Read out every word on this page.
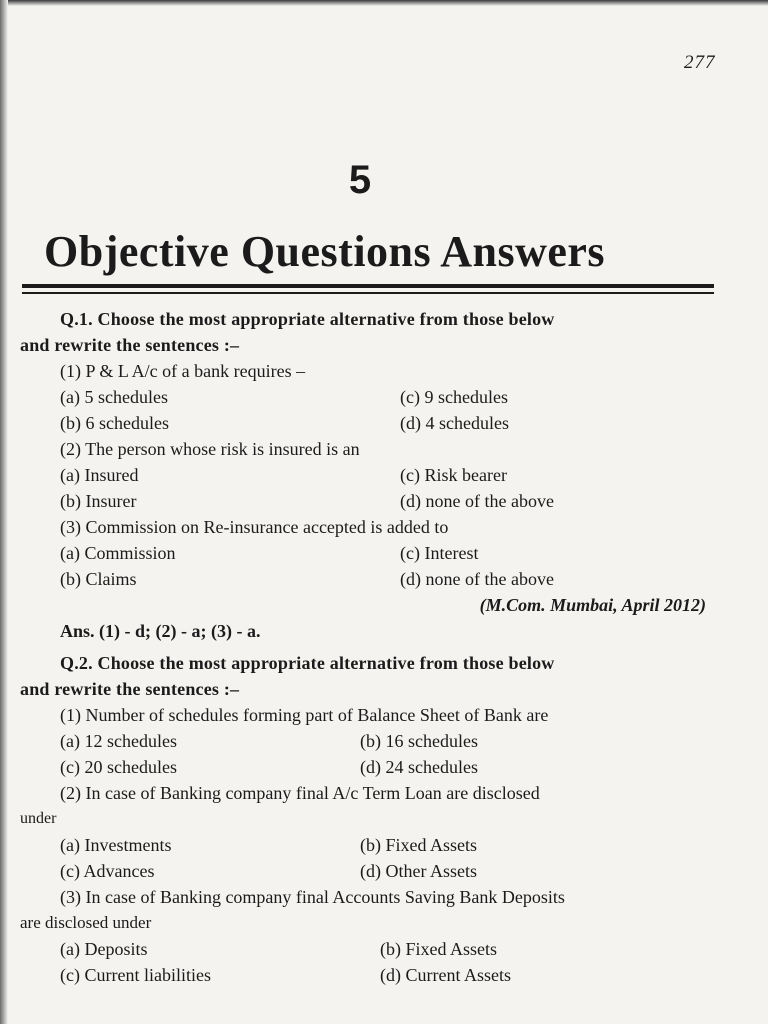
277
5
Objective Questions Answers
Q.1. Choose the most appropriate alternative from those below
and rewrite the sentences :–
(1) P & L A/c of a bank requires –
(a) 5 schedules	(c) 9 schedules
(b) 6 schedules	(d) 4 schedules
(2) The person whose risk is insured is an
(a) Insured	(c) Risk bearer
(b) Insurer	(d) none of the above
(3) Commission on Re-insurance accepted is added to
(a) Commission	(c) Interest
(b) Claims	(d) none of the above
(M.Com. Mumbai, April 2012)
Ans. (1) - d; (2) - a; (3) - a.
Q.2. Choose the most appropriate alternative from those below
and rewrite the sentences :–
(1) Number of schedules forming part of Balance Sheet of Bank are
(a) 12 schedules	(b) 16 schedules
(c) 20 schedules	(d) 24 schedules
(2) In case of Banking company final A/c Term Loan are disclosed
under
(a) Investments	(b) Fixed Assets
(c) Advances	(d) Other Assets
(3) In case of Banking company final Accounts Saving Bank Deposits
are disclosed under
(a) Deposits	(b) Fixed Assets
(c) Current liabilities	(d) Current Assets
